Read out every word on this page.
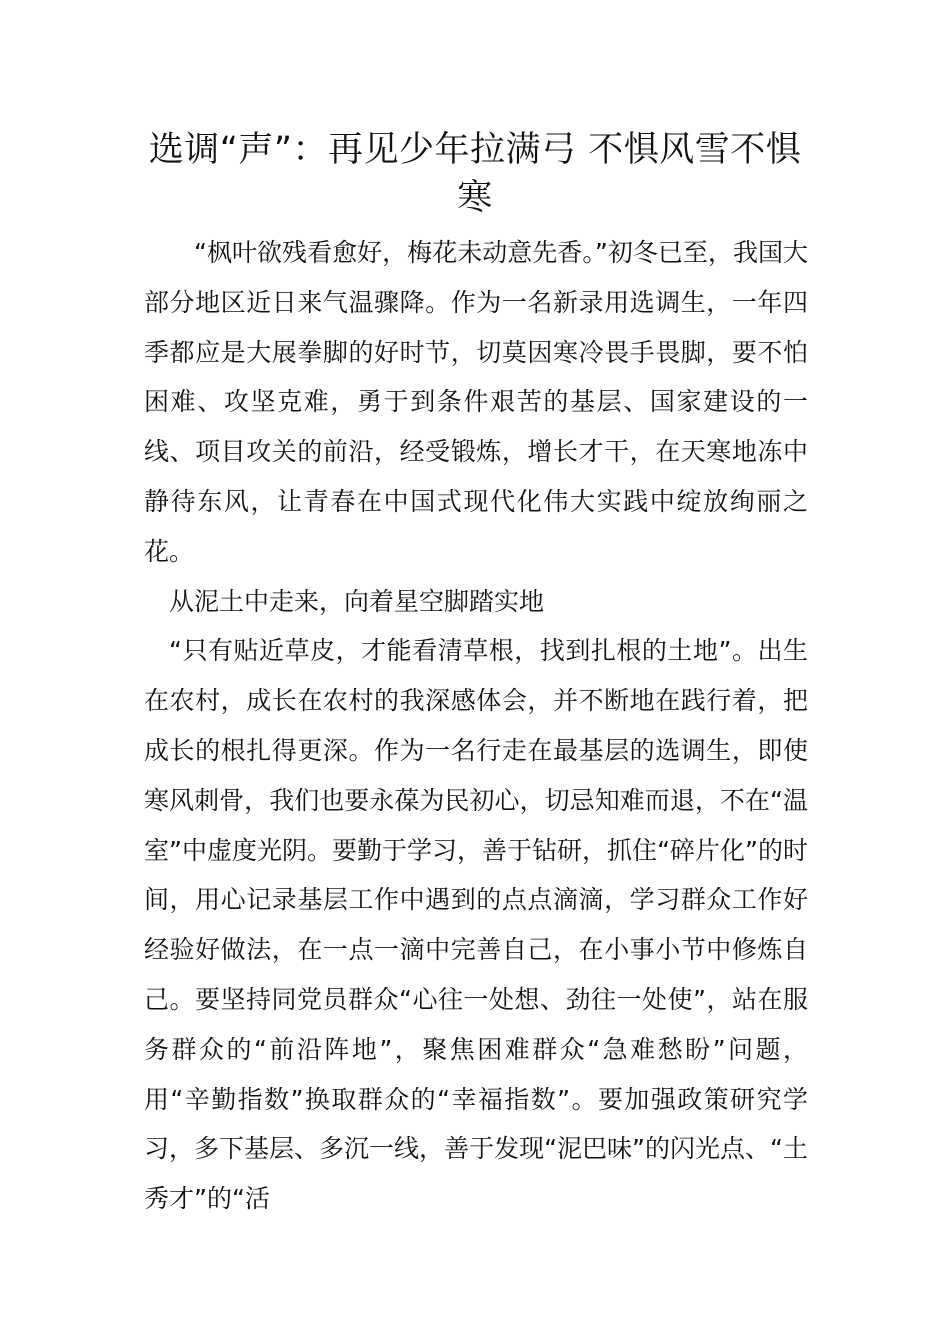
选调“声”：再见少年拉满弓 不惧风雪不惧寒

“枫叶欲残看愈好，梅花未动意先香。”初冬已至，我国大部分地区近日来气温骤降。作为一名新录用选调生，一年四季都应是大展拳脚的好时节，切莫因寒冷畏手畏脚，要不怕困难、攻坚克难，勇于到条件艰苦的基层、国家建设的一线、项目攻关的前沿，经受锻炼，增长才干，在天寒地冻中静待东风，让青春在中国式现代化伟大实践中绽放绚丽之花。

从泥土中走来，向着星空脚踏实地

“只有贴近草皮，才能看清草根，找到扎根的土地”。出生在农村，成长在农村的我深感体会，并不断地在践行着，把成长的根扎得更深。作为一名行走在最基层的选调生，即使寒风刺骨，我们也要永葆为民初心，切忌知难而退，不在“温室”中虚度光阴。要勤于学习，善于钻研，抓住“碎片化”的时间，用心记录基层工作中遇到的点点滴滴，学习群众工作好经验好做法，在一点一滴中完善自己，在小事小节中修炼自己。要坚持同党员群众“心往一处想、劲往一处使”，站在服务群众的“前沿阵地”，聚焦困难群众“急难愁盼”问题，用“辛勤指数”换取群众的“幸福指数”。要加强政策研究学习，多下基层、多沉一线，善于发现“泥巴味”的闪光点、“土秀才”的“活
